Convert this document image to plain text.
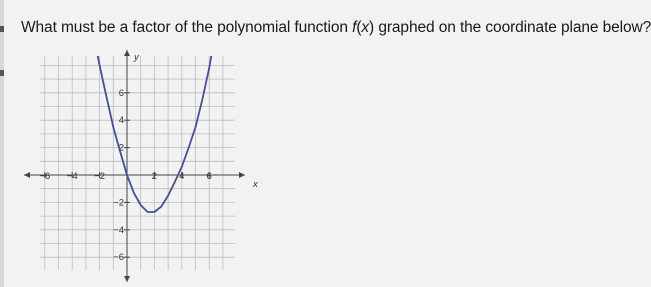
What must be a factor of the polynomial function f(x) graphed on the coordinate plane below?
x
y
−6 −4 −2	2 4 6
6
4
2
−2
−4
−6
